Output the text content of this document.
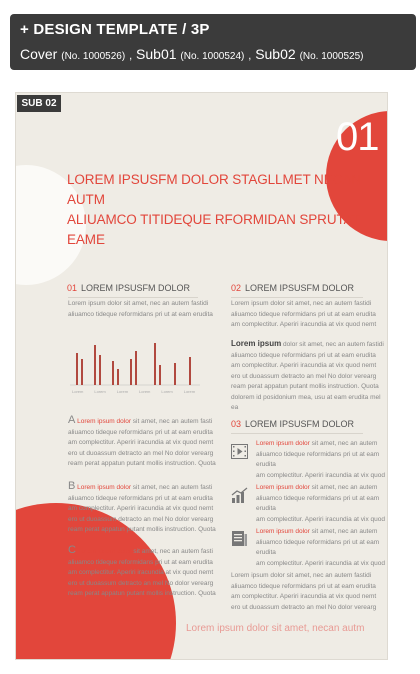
+ DESIGN TEMPLATE / 3P
Cover (No. 1000526) , Sub01 (No. 1000524) , Sub02 (No. 1000525)
01
LOREM IPSUSFM DOLOR STAGLLMET NECAN AUTM
ALIUAMCO TITIDEQUE RFORMIDAN SPRUTAT EAME
01 LOREM IPSUSFM DOLOR
Lorem ipsum dolor sit amet, nec an autem fastidi
aliuamco tideque reformidans pri ut at eam erudita
Lorem	Lorem	Lorem	Lorem	Lorem	Lorem
A Lorem ipsum dolor sit amet, nec an autem fasti
aliuamco tideque reformidans pri ut at eam erudita
am complectitur. Aperiri iracundia at vix quod nemt
ero ut duoassum detracto an mel No dolor verearg
ream perat appatun putant mollis instruction. Quota
B Lorem ipsum dolor sit amet, nec an autem fasti
aliuamco tideque reformidans pri ut at eam erudita
am complectitur. Aperiri iracundia at vix quod nemt
ero ut duoassum detracto an mel No dolor verearg
ream perat appatun putant mollis instruction. Quota
C Lorem ipsum dolor sit amet, nec an autem fasti
aliuamco tideque reformidans pri ut at eam erudita
am complectitur. Aperiri iracundia at vix quod nemt
ero ut duoassum detracto an mel No dolor verearg
ream perat appatun putant mollis instruction. Quota
02 LOREM IPSUSFM DOLOR
Lorem ipsum dolor sit amet, nec an autem fastidi
aliuamco tideque reformidans pri ut at eam erudita
am complectitur. Aperiri iracundia at vix quod nemt
Lorem ipsum dolor sit amet, nec an autem fastidi
aliuamco tideque reformidans pri ut at eam erudita
am complectitur. Aperiri iracundia at vix quod nemt
ero ut duoassum detracto an mel No dolor verearg
ream perat appatun putant mollis instruction. Quota
dolorem id posidonium mea, usu at eam erudita mel ea
03 LOREM IPSUSFM DOLOR
Lorem ipsum dolor sit amet, nec an autem
aliuamco tideque reformidans pri ut at eam erudita
am complectitur. Aperiri iracundia at vix quod
Lorem ipsum dolor sit amet, nec an autem
aliuamco tideque reformidans pri ut at eam erudita
am complectitur. Aperiri iracundia at vix quod
Lorem ipsum dolor sit amet, nec an autem
aliuamco tideque reformidans pri ut at eam erudita
am complectitur. Aperiri iracundia at vix quod
Lorem ipsum dolor sit amet, nec an autem fastidi
aliuamco tideque reformidans pri ut at eam erudita
am complectitur. Aperiri iracundia at vix quod nemt
ero ut duoassum detracto an mel No dolor verearg
Lorem ipsum dolor sit amet, necan autm
SUB 02
